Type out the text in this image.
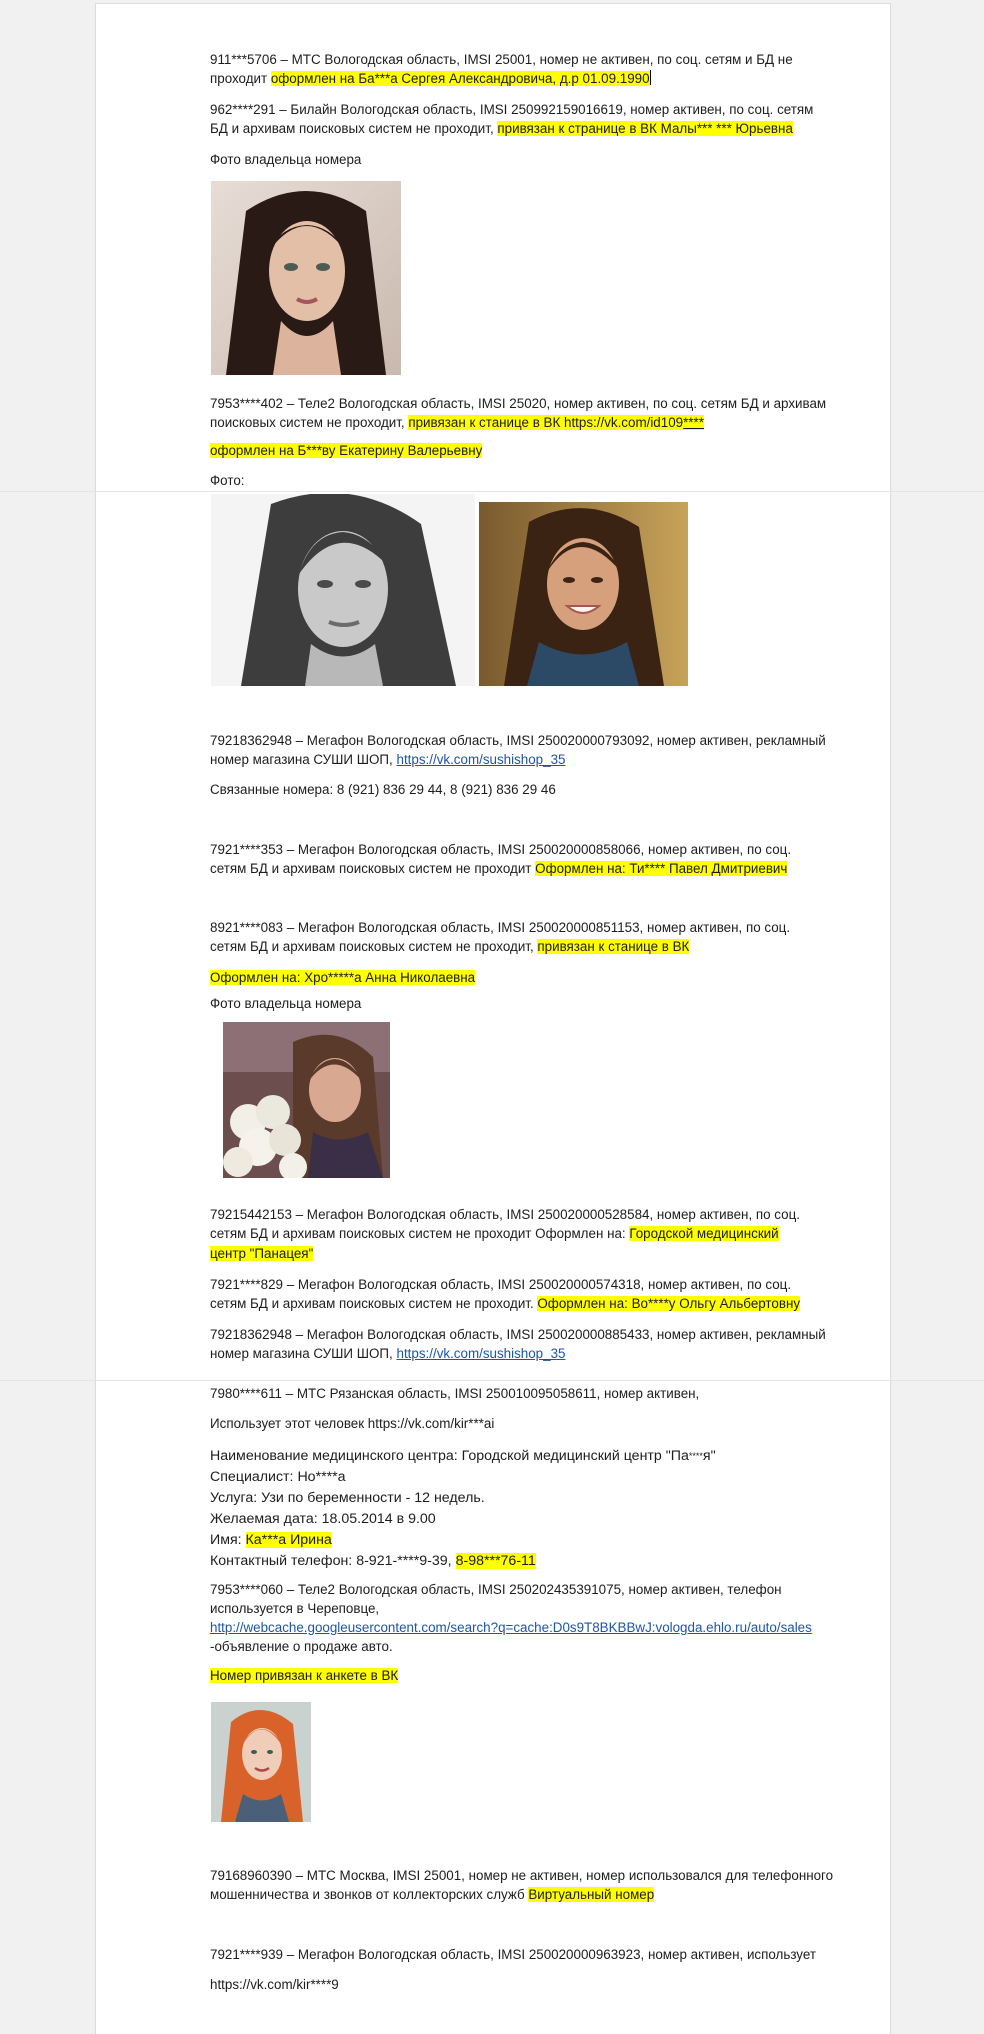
911***5706 – МТС Вологодская область, IMSI 25001, номер не активен, по соц. сетям и БД не
проходит оформлен на Ба***а Сергея Александровича, д.р 01.09.1990
962****291 – Билайн Вологодская область, IMSI 250992159016619, номер активен, по соц. сетям
БД и архивам поисковых систем не проходит, привязан к странице в ВК Малы*** *** Юрьевна
Фото владельца номера
7953****402 – Теле2 Вологодская область, IMSI 25020, номер активен, по соц. сетям БД и архивам
поисковых систем не проходит, привязан к станице в ВК https://vk.com/id109****
оформлен на Б***ву Екатерину Валерьевну
Фото:
79218362948 – Мегафон Вологодская область, IMSI 250020000793092, номер активен, рекламный
номер магазина СУШИ ШОП, https://vk.com/sushishop_35
Связанные номера: 8 (921) 836 29 44, 8 (921) 836 29 46
7921****353 – Мегафон Вологодская область, IMSI 250020000858066, номер активен, по соц.
сетям БД и архивам поисковых систем не проходит Оформлен на: Ти**** Павел Дмитриевич
8921****083 – Мегафон Вологодская область, IMSI 250020000851153, номер активен, по соц.
сетям БД и архивам поисковых систем не проходит, привязан к станице в ВК
Оформлен на: Хро*****а Анна Николаевна
Фото владельца номера
79215442153 – Мегафон Вологодская область, IMSI 250020000528584, номер активен, по соц.
сетям БД и архивам поисковых систем не проходит Оформлен на: Городской медицинский
центр "Панацея"
7921****829 – Мегафон Вологодская область, IMSI 250020000574318, номер активен, по соц.
сетям БД и архивам поисковых систем не проходит. Оформлен на: Во****у Ольгу Альбертовну
79218362948 – Мегафон Вологодская область, IMSI 250020000885433, номер активен, рекламный
номер магазина СУШИ ШОП, https://vk.com/sushishop_35
7980****611 – МТС Рязанская область, IMSI 250010095058611, номер активен,
Использует этот человек https://vk.com/kir***ai
Наименование медицинского центра: Городской медицинский центр "Па****я"
Специалист: Но****а
Услуга: Узи по беременности - 12 недель.
Желаемая дата: 18.05.2014 в 9.00
Имя: Ка***а Ирина
Контактный телефон: 8-921-****9-39, 8-98***76-11
7953****060 – Теле2 Вологодская область, IMSI 250202435391075, номер активен, телефон
используется в Череповце,
http://webcache.googleusercontent.com/search?q=cache:D0s9T8BKBBwJ:vologda.ehlo.ru/auto/sales
-объявление о продаже авто.
Номер привязан к анкете в ВК
79168960390 – МТС Москва, IMSI 25001, номер не активен, номер использовался для телефонного
мошенничества и звонков от коллекторских служб Виртуальный номер
7921****939 – Мегафон Вологодская область, IMSI 250020000963923, номер активен, использует
https://vk.com/kir****9
